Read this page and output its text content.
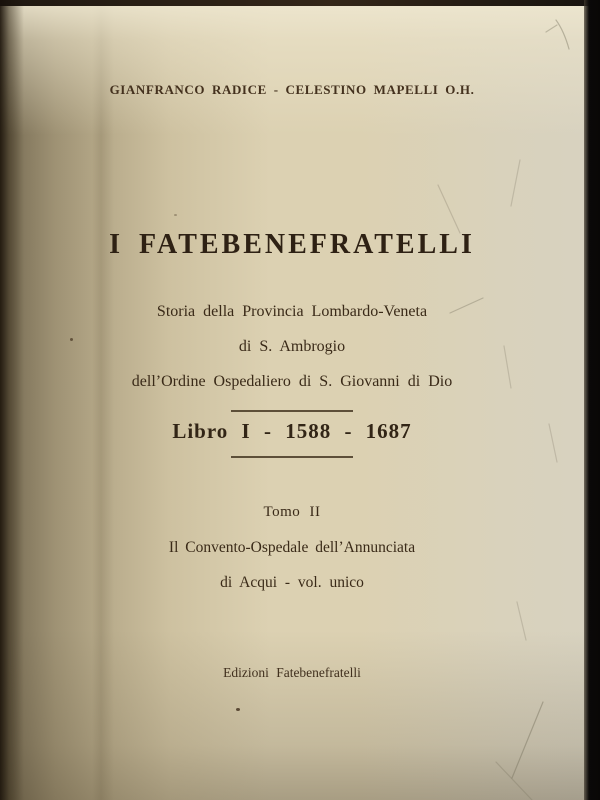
GIANFRANCO RADICE - CELESTINO MAPELLI O.H.
I FATEBENEFRATELLI
Storia della Provincia Lombardo-Veneta
di S. Ambrogio
dell’Ordine Ospedaliero di S. Giovanni di Dio
Libro I - 1588 - 1687
Tomo II
Il Convento-Ospedale dell’Annunciata
di Acqui - vol. unico
Edizioni Fatebenefratelli
